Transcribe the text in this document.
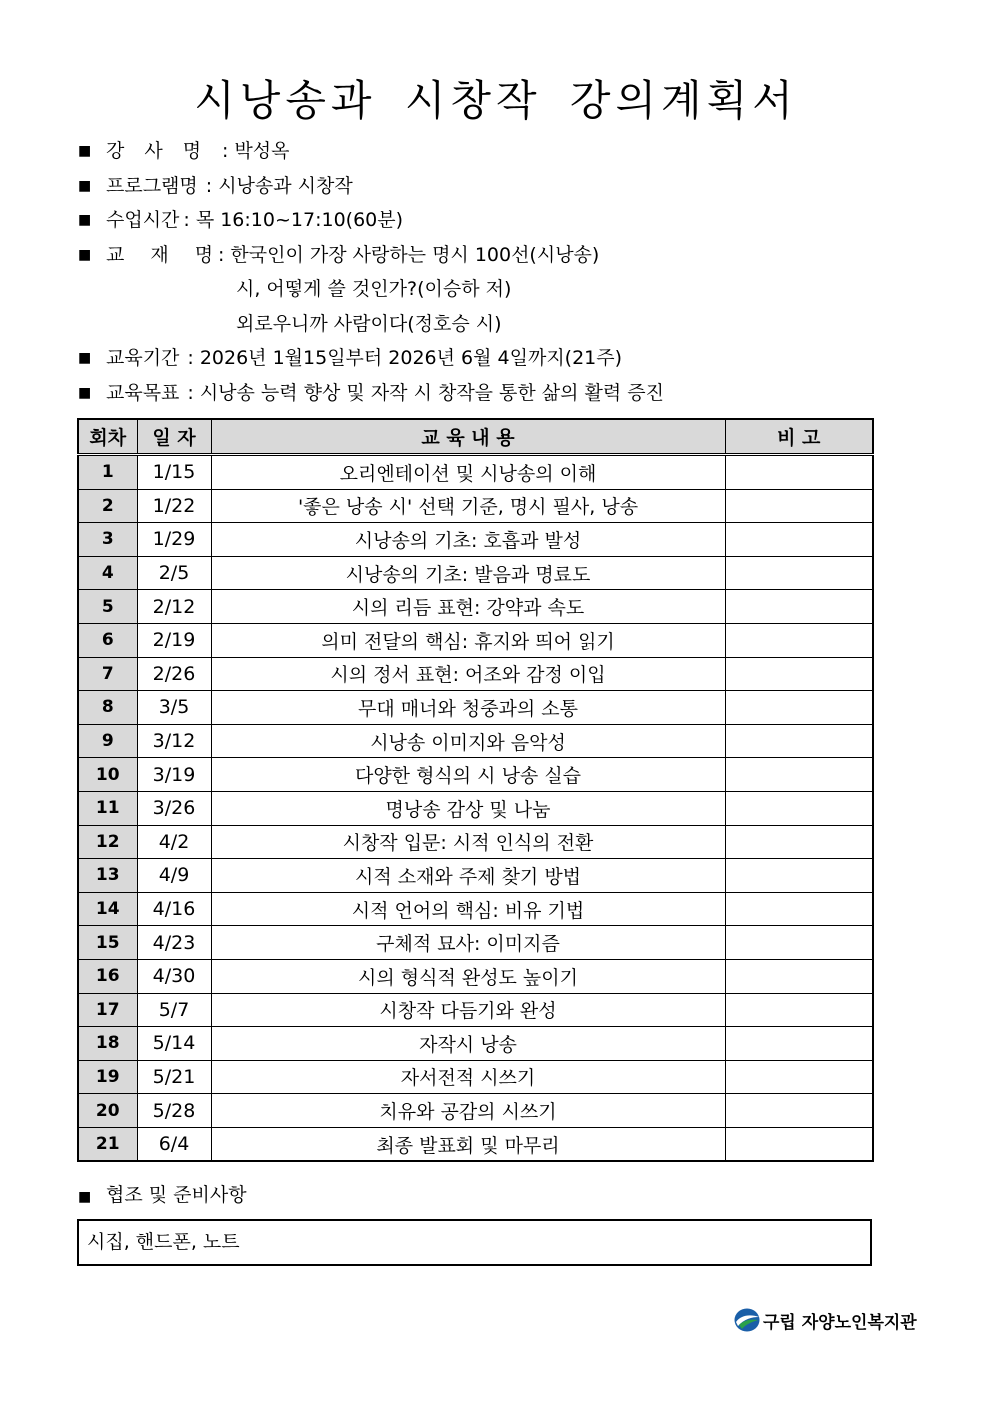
시낭송과 시창작 강의계획서
■ 강 사 명	: 박성옥
■ 프로그램명 : 시낭송과 시창작
■ 수업시간 : 목 16:10~17:10(60분)
■ 교 재 명 : 한국인이 가장 사랑하는 명시 100선(시낭송)
시, 어떻게 쓸 것인가?(이승하 저)
외로우니까 사람이다(정호승 시)
■ 교육기간 : 2026년 1월15일부터 2026년 6월 4일까지(21주)
■ 교육목표 : 시낭송 능력 향상 및 자작 시 창작을 통한 삶의 활력 증진
회차	일 자	교 육 내 용	비 고
1	1/15	오리엔테이션 및 시낭송의 이해	
2	1/22	'좋은 낭송 시' 선택 기준, 명시 필사, 낭송	
3	1/29	시낭송의 기초: 호흡과 발성	
4	2/5	시낭송의 기초: 발음과 명료도	
5	2/12	시의 리듬 표현: 강약과 속도	
6	2/19	의미 전달의 핵심: 휴지와 띄어 읽기	
7	2/26	시의 정서 표현: 어조와 감정 이입	
8	3/5	무대 매너와 청중과의 소통	
9	3/12	시낭송 이미지와 음악성	
10	3/19	다양한 형식의 시 낭송 실습	
11	3/26	명낭송 감상 및 나눔	
12	4/2	시창작 입문: 시적 인식의 전환	
13	4/9	시적 소재와 주제 찾기 방법	
14	4/16	시적 언어의 핵심: 비유 기법	
15	4/23	구체적 묘사: 이미지즘	
16	4/30	시의 형식적 완성도 높이기	
17	5/7	시창작 다듬기와 완성	
18	5/14	자작시 낭송	
19	5/21	자서전적 시쓰기	
20	5/28	치유와 공감의 시쓰기	
21	6/4	최종 발표회 및 마무리	
■ 협조 및 준비사항
시집, 핸드폰, 노트
구립 자양노인복지관
